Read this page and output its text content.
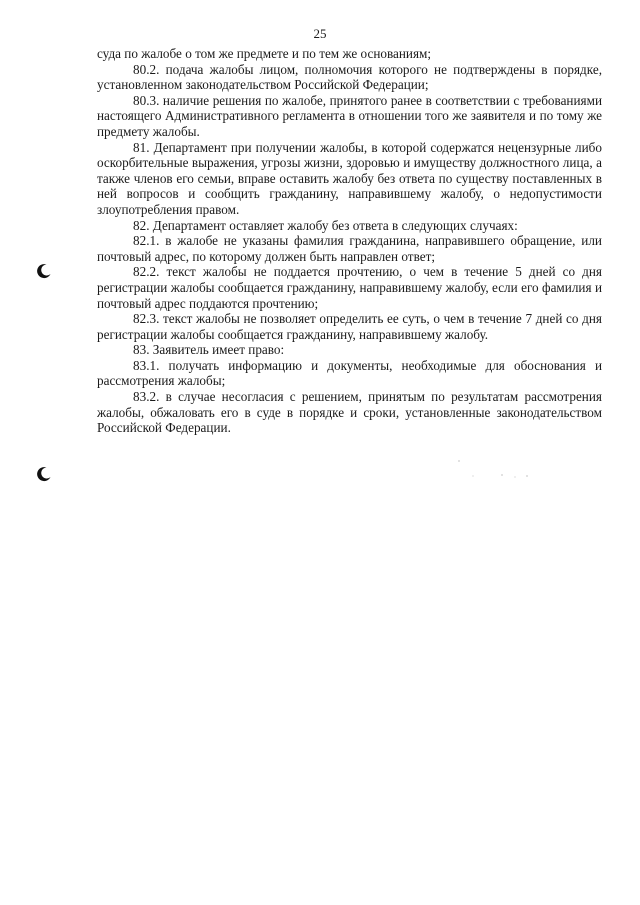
25

суда по жалобе о том же предмете и по тем же основаниям;

80.2. подача жалобы лицом, полномочия которого не подтверждены в порядке, установленном законодательством Российской Федерации;

80.3. наличие решения по жалобе, принятого ранее в соответствии с требованиями настоящего Административного регламента в отношении того же заявителя и по тому же предмету жалобы.

81. Департамент при получении жалобы, в которой содержатся нецензурные либо оскорбительные выражения, угрозы жизни, здоровью и имуществу должностного лица, а также членов его семьи, вправе оставить жалобу без ответа по существу поставленных в ней вопросов и сообщить гражданину, направившему жалобу, о недопустимости злоупотребления правом.

82. Департамент оставляет жалобу без ответа в следующих случаях:

82.1. в жалобе не указаны фамилия гражданина, направившего обращение, или почтовый адрес, по которому должен быть направлен ответ;

82.2. текст жалобы не поддается прочтению, о чем в течение 5 дней со дня регистрации жалобы сообщается гражданину, направившему жалобу, если его фамилия и почтовый адрес поддаются прочтению;

82.3. текст жалобы не позволяет определить ее суть, о чем в течение 7 дней со дня регистрации жалобы сообщается гражданину, направившему жалобу.

83. Заявитель имеет право:

83.1. получать информацию и документы, необходимые для обоснования и рассмотрения жалобы;

83.2. в случае несогласия с решением, принятым по результатам рассмотрения жалобы, обжаловать его в суде в порядке и сроки, установленные законодательством Российской Федерации.
